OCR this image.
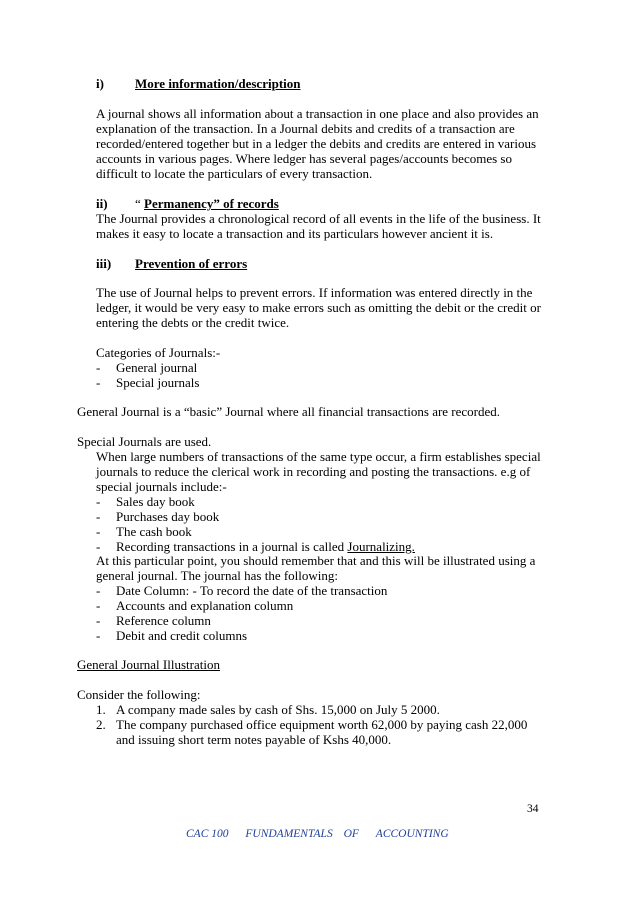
i) More information/description
A journal shows all information about a transaction in one place and also provides an
explanation of the transaction. In a Journal debits and credits of a transaction are
recorded/entered together but in a ledger the debits and credits are entered in various
accounts in various pages. Where ledger has several pages/accounts becomes so
difficult to locate the particulars of every transaction.
ii) “ Permanency” of records
The Journal provides a chronological record of all events in the life of the business. It
makes it easy to locate a transaction and its particulars however ancient it is.
iii) Prevention of errors
The use of Journal helps to prevent errors. If information was entered directly in the
ledger, it would be very easy to make errors such as omitting the debit or the credit or
entering the debts or the credit twice.
Categories of Journals:-
- General journal
- Special journals
General Journal is a “basic” Journal where all financial transactions are recorded.
Special Journals are used.
When large numbers of transactions of the same type occur, a firm establishes special
journals to reduce the clerical work in recording and posting the transactions. e.g of
special journals include:-
- Sales day book
- Purchases day book
- The cash book
- Recording transactions in a journal is called Journalizing.
At this particular point, you should remember that and this will be illustrated using a
general journal. The journal has the following:
- Date Column: - To record the date of the transaction
- Accounts and explanation column
- Reference column
- Debit and credit columns
General Journal Illustration
Consider the following:
1. A company made sales by cash of Shs. 15,000 on July 5 2000.
2. The company purchased office equipment worth 62,000 by paying cash 22,000
and issuing short term notes payable of Kshs 40,000.
34
CAC 100 FUNDAMENTALS OF ACCOUNTING
